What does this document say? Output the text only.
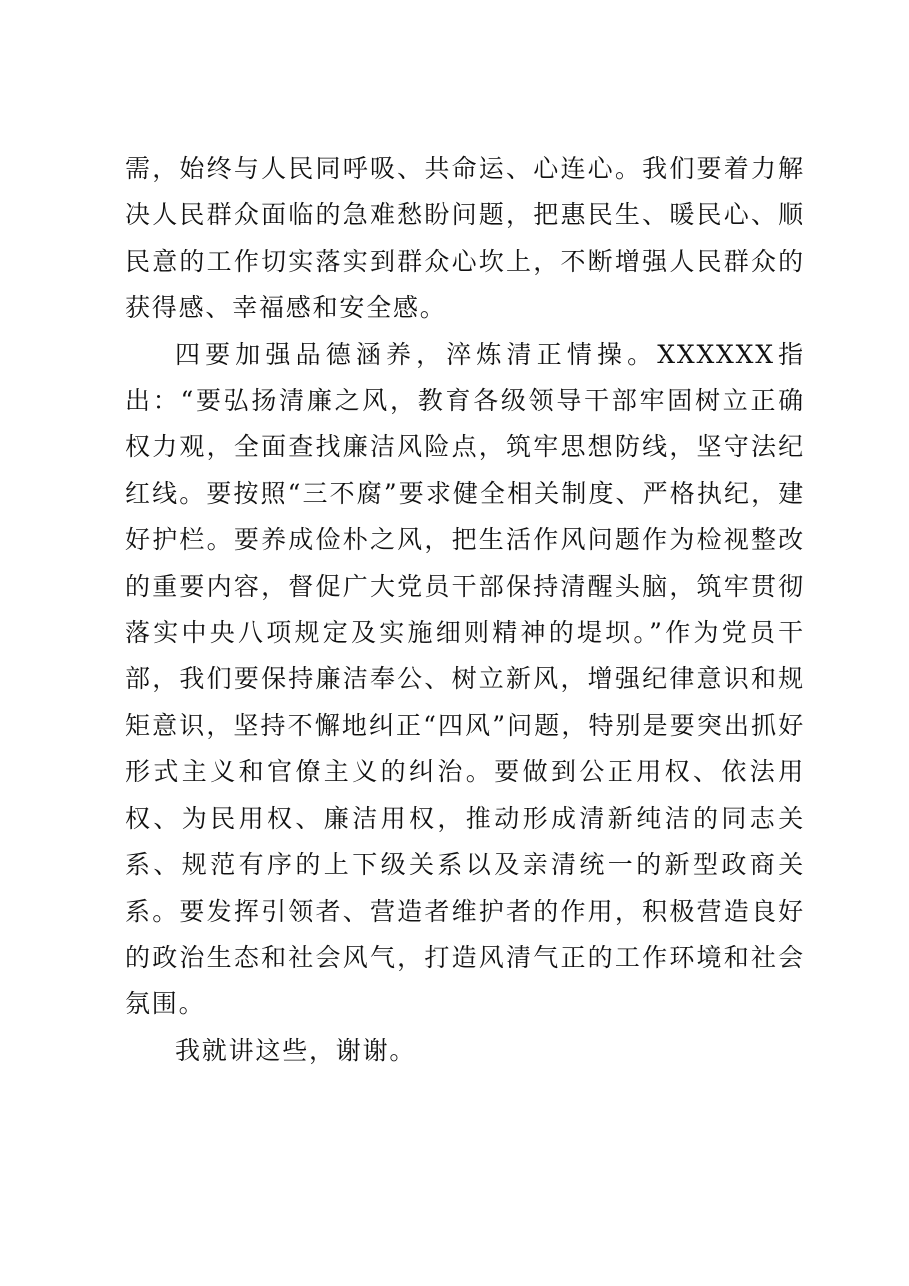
需，始终与人民同呼吸、共命运、心连心。我们要着力解决人民群众面临的急难愁盼问题，把惠民生、暖民心、顺民意的工作切实落实到群众心坎上，不断增强人民群众的获得感、幸福感和安全感。

四要加强品德涵养，淬炼清正情操。XXXXXX指出：“要弘扬清廉之风，教育各级领导干部牢固树立正确权力观，全面查找廉洁风险点，筑牢思想防线，坚守法纪红线。要按照“三不腐”要求健全相关制度、严格执纪，建好护栏。要养成俭朴之风，把生活作风问题作为检视整改的重要内容，督促广大党员干部保持清醒头脑，筑牢贯彻落实中央八项规定及实施细则精神的堤坝。”作为党员干部，我们要保持廉洁奉公、树立新风，增强纪律意识和规矩意识，坚持不懈地纠正“四风”问题，特别是要突出抓好形式主义和官僚主义的纠治。要做到公正用权、依法用权、为民用权、廉洁用权，推动形成清新纯洁的同志关系、规范有序的上下级关系以及亲清统一的新型政商关系。要发挥引领者、营造者维护者的作用，积极营造良好的政治生态和社会风气，打造风清气正的工作环境和社会氛围。

我就讲这些，谢谢。
